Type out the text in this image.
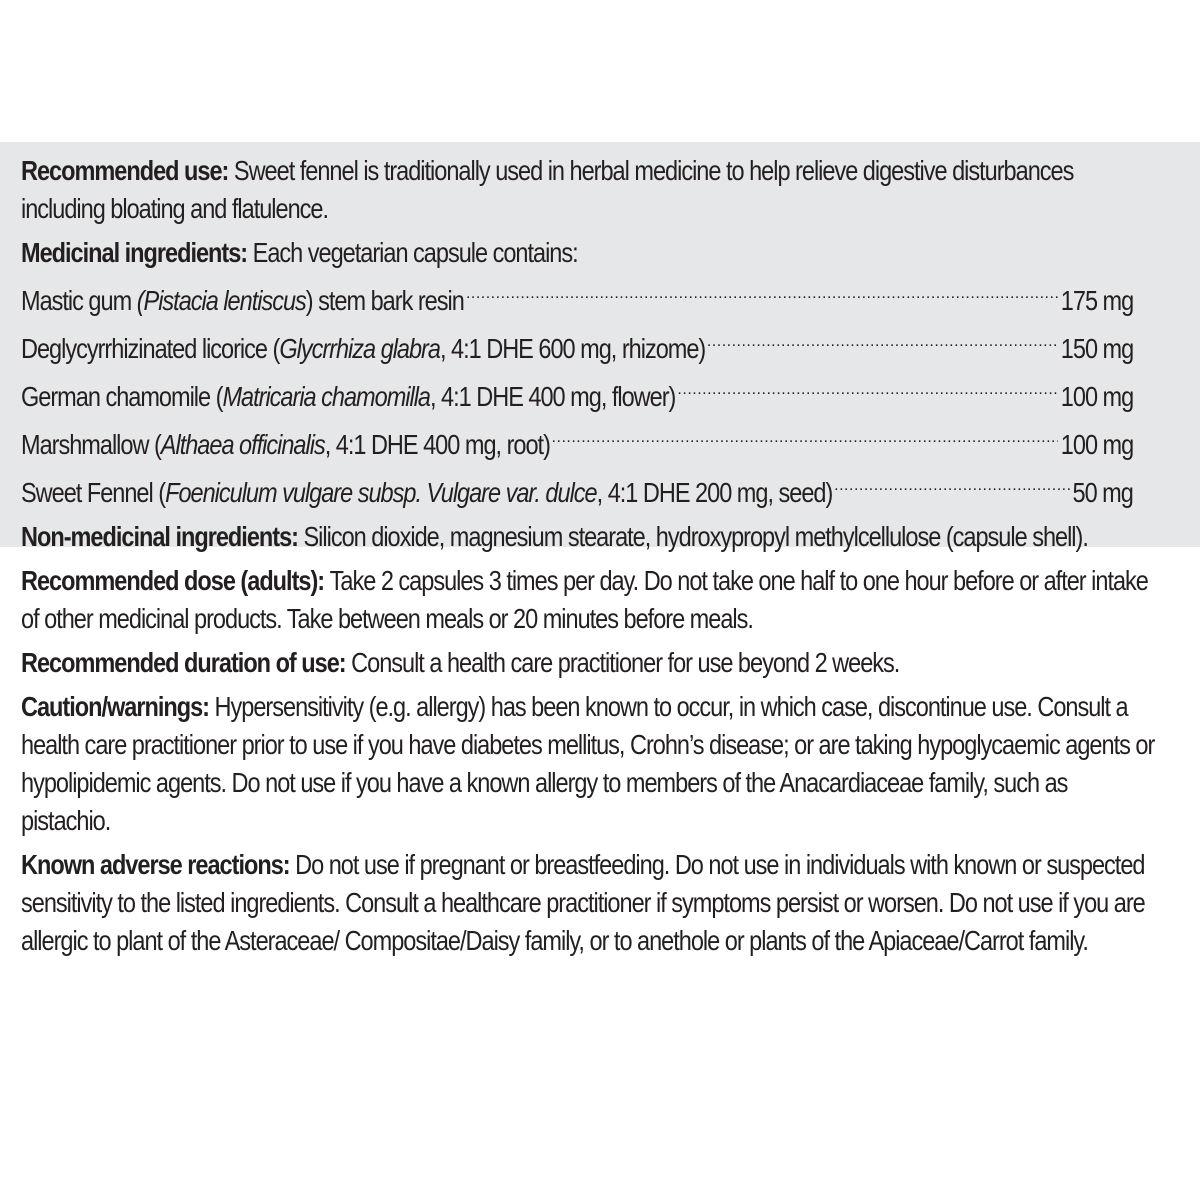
Recommended use: Sweet fennel is traditionally used in herbal medicine to help relieve digestive disturbances including bloating and flatulence.

Medicinal ingredients: Each vegetarian capsule contains:

Mastic gum (Pistacia lentiscus) stem bark resin .....	175 mg
Deglycyrrhizinated licorice (Glycrrhiza glabra, 4:1 DHE 600 mg, rhizome) .....	150 mg
German chamomile (Matricaria chamomilla, 4:1 DHE 400 mg, flower) .....	100 mg
Marshmallow (Althaea officinalis, 4:1 DHE 400 mg, root) .....	100 mg
Sweet Fennel (Foeniculum vulgare subsp. Vulgare var. dulce, 4:1 DHE 200 mg, seed) .....	50 mg

Non-medicinal ingredients: Silicon dioxide, magnesium stearate, hydroxypropyl methylcellulose (capsule shell).

Recommended dose (adults): Take 2 capsules 3 times per day. Do not take one half to one hour before or after intake of other medicinal products. Take between meals or 20 minutes before meals.

Recommended duration of use: Consult a health care practitioner for use beyond 2 weeks.

Caution/warnings: Hypersensitivity (e.g. allergy) has been known to occur, in which case, discontinue use. Consult a health care practitioner prior to use if you have diabetes mellitus, Crohn’s disease; or are taking hypoglycaemic agents or hypolipidemic agents. Do not use if you have a known allergy to members of the Anacardiaceae family, such as pistachio.

Known adverse reactions: Do not use if pregnant or breastfeeding. Do not use in individuals with known or suspected sensitivity to the listed ingredients. Consult a healthcare practitioner if symptoms persist or worsen. Do not use if you are allergic to plant of the Asteraceae/ Compositae/Daisy family, or to anethole or plants of the Apiaceae/Carrot family.
